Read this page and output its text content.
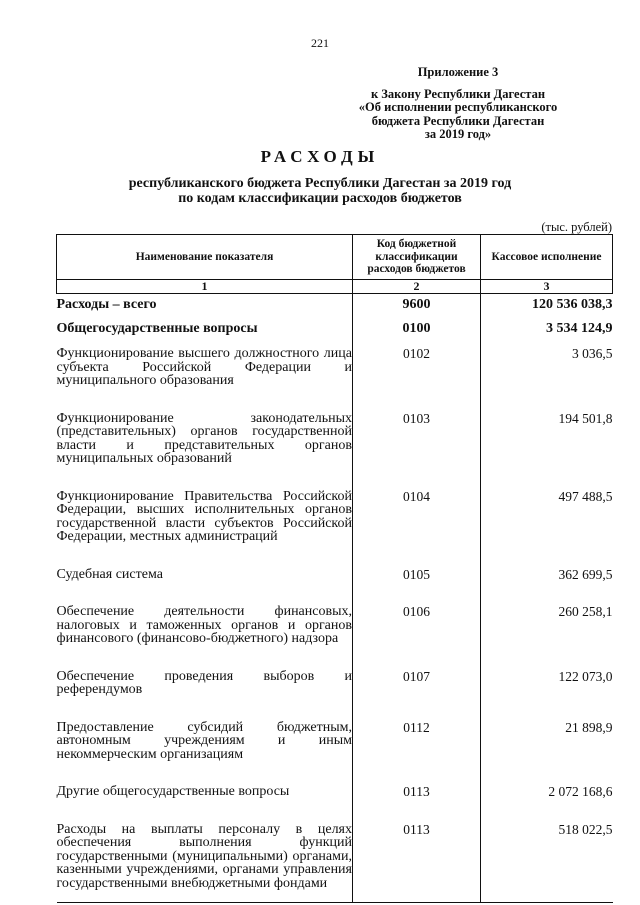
221
Приложение 3
к Закону Республики Дагестан
«Об исполнении республиканского
бюджета Республики Дагестан
за 2019 год»
РАСХОДЫ
республиканского бюджета Республики Дагестан за 2019 год
по кодам классификации расходов бюджетов
(тыс. рублей)
Наименование показателя	Код бюджетной классификации расходов бюджетов	Кассовое исполнение
1	2	3
Расходы – всего	9600	120 536 038,3
Общегосударственные вопросы	0100	3 534 124,9
Функционирование высшего должностного лица субъекта Российской Федерации и муниципального образования	0102	3 036,5
Функционирование законодательных (представительных) органов государственной власти и представительных органов муниципальных образований	0103	194 501,8
Функционирование Правительства Российской Федерации, высших исполнительных органов государственной власти субъектов Российской Федерации, местных администраций	0104	497 488,5
Судебная система	0105	362 699,5
Обеспечение деятельности финансовых, налоговых и таможенных органов и органов финансового (финансово-бюджетного) надзора	0106	260 258,1
Обеспечение проведения выборов и референдумов	0107	122 073,0
Предоставление субсидий бюджетным, автономным учреждениям и иным некоммерческим организациям	0112	21 898,9
Другие общегосударственные вопросы	0113	2 072 168,6
Расходы на выплаты персоналу в целях обеспечения выполнения функций государственными (муниципальными) органами, казенными учреждениями, органами управления государственными внебюджетными фондами	0113	518 022,5
